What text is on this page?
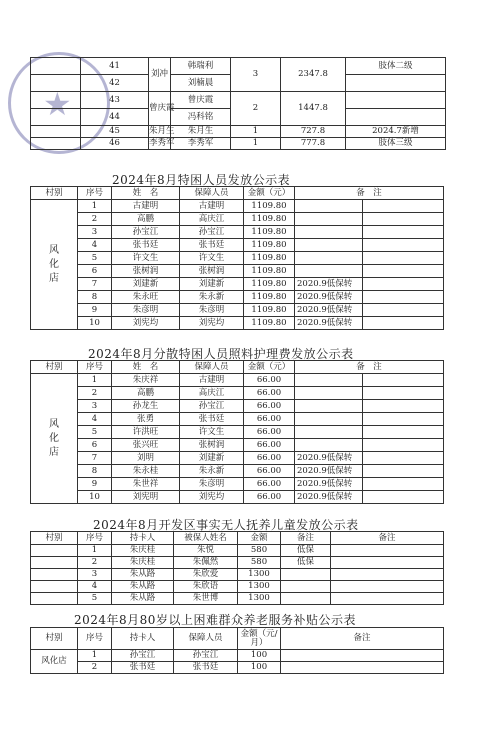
★
	41	刘冲	韩瑞利	3	2347.8	肢体二级
	42		刘楠晨			
	43	曾庆霞	曾庆霞	2	1447.8	
	44		冯科铭			
	45	朱月生	朱月生	1	727.8	2024.7新增
	46	李秀军	李秀军	1	777.8	肢体三级
2024年8月特困人员发放公示表
村别	序号	姓　名	保障人员	金额（元）	备　注	
风化店	1	古建明	古建明	1109.80		
	2	高鹏	高庆江	1109.80		
	3	孙宝江	孙宝江	1109.80		
	4	张书廷	张书廷	1109.80		
	5	许文生	许文生	1109.80		
	6	张树润	张树润	1109.80		
	7	刘建新	刘建新	1109.80	2020.9低保转	
	8	朱永旺	朱永新	1109.80	2020.9低保转	
	9	朱彦明	朱彦明	1109.80	2020.9低保转	
	10	刘宪均	刘宪均	1109.80	2020.9低保转	
2024年8月分散特困人员照料护理费发放公示表
村别	序号	姓　名	保障人员	金额（元）	备　注	
风化店	1	朱庆祥	古建明	66.00		
	2	高鹏	高庆江	66.00		
	3	孙龙生	孙宝江	66.00		
	4	张勇	张书廷	66.00		
	5	许洪旺	许文生	66.00		
	6	张兴旺	张树润	66.00		
	7	刘明	刘建新	66.00	2020.9低保转	
	8	朱永桂	朱永新	66.00	2020.9低保转	
	9	朱世祥	朱彦明	66.00	2020.9低保转	
	10	刘宪明	刘宪均	66.00	2020.9低保转	
2024年8月开发区事实无人抚养儿童发放公示表
村别	序号	持卡人	被保人姓名	金额	备注	备注
	1	朱庆桂	朱悦	580	低保	
	2	朱庆桂	朱佩然	580	低保	
	3	朱从路	朱欣爱	1300		
	4	朱从路	朱欣语	1300		
	5	朱从路	朱世博	1300		
2024年8月80岁以上困难群众养老服务补贴公示表
村别	序号	持卡人	保障人员	金额（元/月）	备注
风化店	1	孙宝江	孙宝江	100	
	2	张书廷	张书廷	100	
